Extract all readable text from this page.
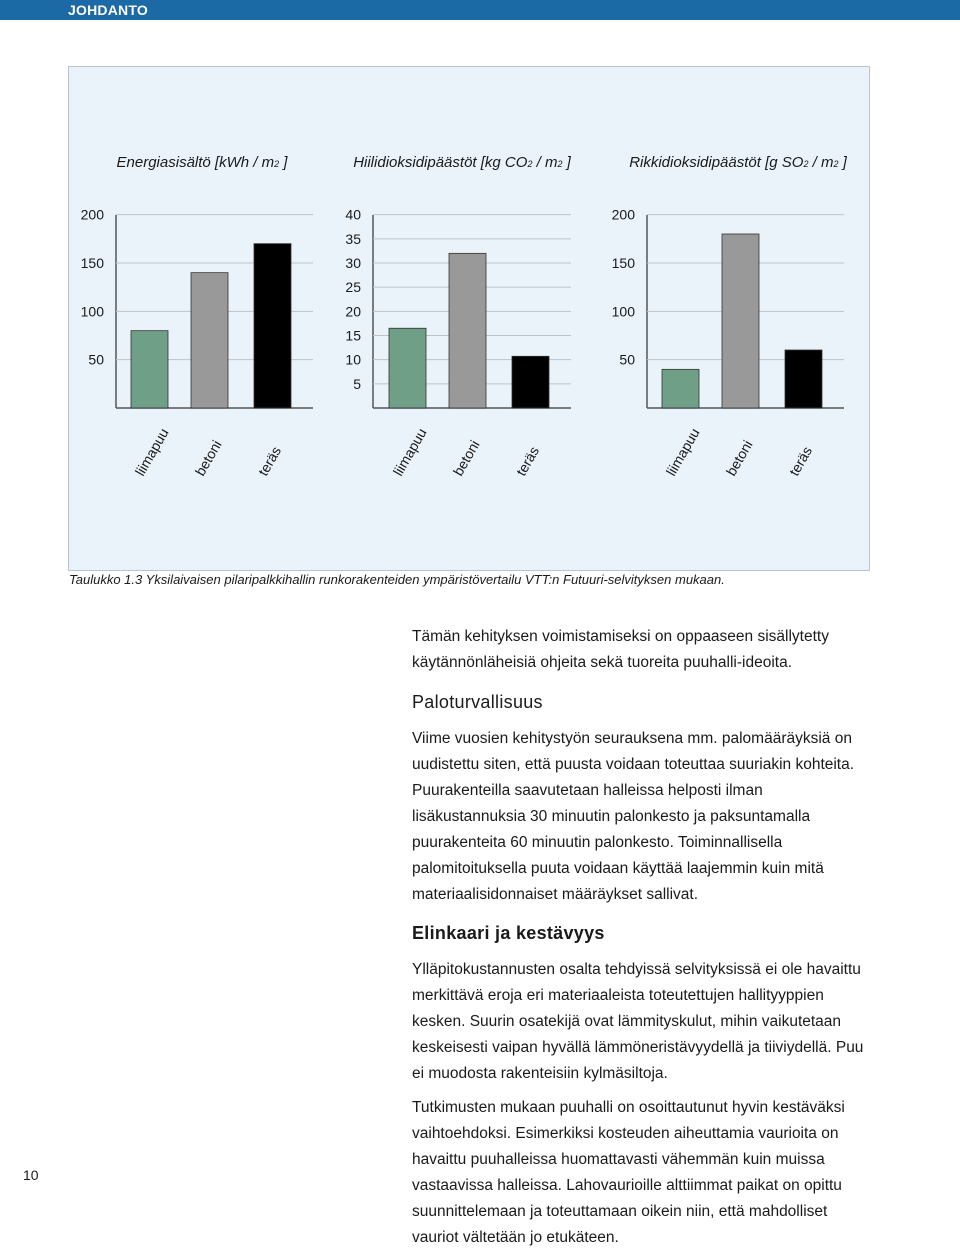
JOHDANTO
Energiasisältö [kWh / m2 ]
50
100
150
200
liimapuu betoni teräs
Hiilidioksidipäästöt [kg CO2 / m2 ]
5
10
15
20
25
30
35
40
liimapuu betoni teräs
Rikkidioksidipäästöt [g SO2 / m2 ]
50
100
150
200
liimapuu betoni teräs
Taulukko 1.3 Yksilaivaisen pilaripalkkihallin runkorakenteiden ympäristövertailu VTT:n Futuuri-selvityksen mukaan.

Tämän kehityksen voimistamiseksi on oppaaseen sisällytetty käytännönläheisiä ohjeita sekä tuoreita puuhalli-ideoita.

Paloturvallisuus

Viime vuosien kehitystyön seurauksena mm. palomääräyksiä on uudistettu siten, että puusta voidaan toteuttaa suuriakin kohteita. Puurakenteilla saavutetaan halleissa helposti ilman lisäkustannuksia 30 minuutin palonkesto ja paksuntamalla puurakenteita 60 minuutin palonkesto. Toiminnallisella palomitoituksella puuta voidaan käyttää laajemmin kuin mitä materiaalisidonnaiset määräykset sallivat.

Elinkaari ja kestävyys

Ylläpitokustannusten osalta tehdyissä selvityksissä ei ole havaittu merkittävä eroja eri materiaaleista toteutettujen hallityyppien kesken. Suurin osatekijä ovat lämmityskulut, mihin vaikutetaan keskeisesti vaipan hyvällä lämmöneristävyydellä ja tiiviydellä. Puu ei muodosta rakenteisiin kylmäsiltoja.

Tutkimusten mukaan puuhalli on osoittautunut hyvin kestäväksi vaihtoehdoksi. Esimerkiksi kosteuden aiheuttamia vaurioita on havaittu puuhalleissa huomattavasti vähemmän kuin muissa vastaavissa halleissa. Lahovaurioille alttiimmat paikat on opittu suunnittelemaan ja toteuttamaan oikein niin, että mahdolliset vauriot vältetään jo etukäteen.

10
